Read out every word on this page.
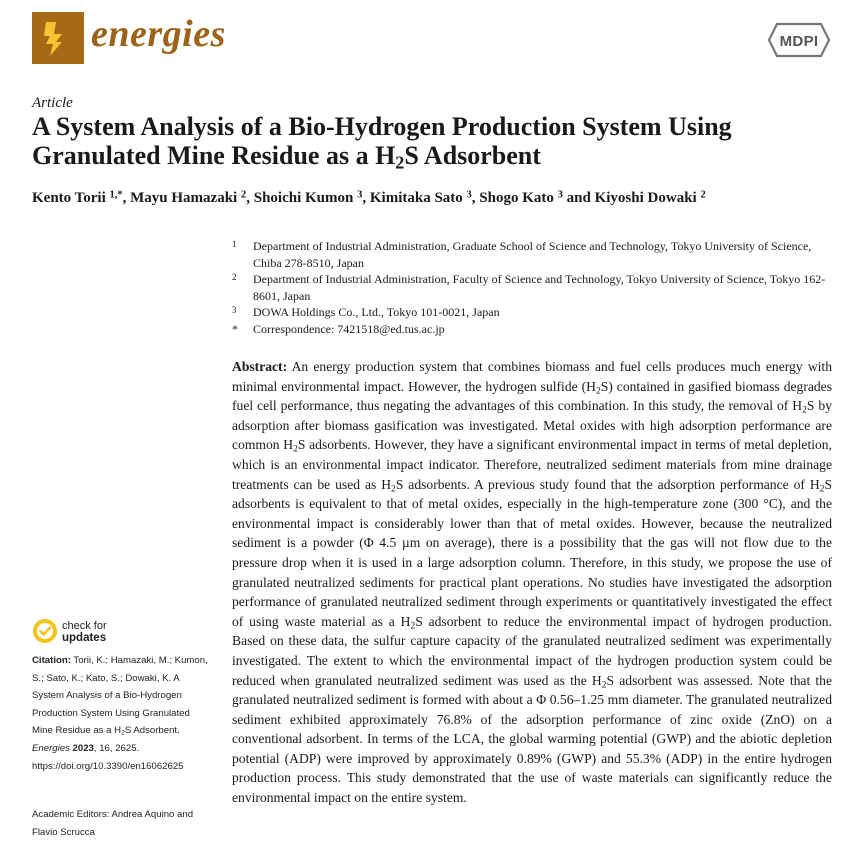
energies	MDPI
Article
A System Analysis of a Bio-Hydrogen Production System Using Granulated Mine Residue as a $H_2S$ Adsorbent
Kento Torii $^{1,*}$, Mayu Hamazaki $^2$, Shoichi Kumon $^3$, Kimitaka Sato $^3$, Shogo Kato $^3$ and Kiyoshi Dowaki $^2$
1 Department of Industrial Administration, Graduate School of Science and Technology, Tokyo University of Science, Chiba 278-8510, Japan
2 Department of Industrial Administration, Faculty of Science and Technology, Tokyo University of Science, Tokyo 162-8601, Japan
3 DOWA Holdings Co., Ltd., Tokyo 101-0021, Japan
* Correspondence: 7421518@ed.tus.ac.jp
Abstract: An energy production system that combines biomass and fuel cells produces much energy with minimal environmental impact. However, the hydrogen sulfide $(H_2S)$ contained in gasified biomass degrades fuel cell performance, thus negating the advantages of this combination. In this study, the removal of $H_2S$ by adsorption after biomass gasification was investigated. Metal oxides with high adsorption performance are common $H_2S$ adsorbents. However, they have a significant environmental impact in terms of metal depletion, which is an environmental impact indicator. Therefore, neutralized sediment materials from mine drainage treatments can be used as $H_2S$ adsorbents. A previous study found that the adsorption performance of $H_2S$ adsorbents is equivalent to that of metal oxides, especially in the high-temperature zone (300 °C), and the environmental impact is considerably lower than that of metal oxides. However, because the neutralized sediment is a powder (Φ 4.5 µm on average), there is a possibility that the gas will not flow due to the pressure drop when it is used in a large adsorption column. Therefore, in this study, we propose the use of granulated neutralized sediments for practical plant operations. No studies have investigated the adsorption performance of granulated neutralized sediment through experiments or quantitatively investigated the effect of using waste material as a $H_2S$ adsorbent to reduce the environmental impact of hydrogen production. Based on these data, the sulfur capture capacity of the granulated neutralized sediment was experimentally investigated. The extent to which the environmental impact of the hydrogen production system could be reduced when granulated neutralized sediment was used as the $H_2S$ adsorbent was assessed. Note that the granulated neutralized sediment is formed with about a Φ 0.56–1.25 mm diameter. The granulated neutralized sediment exhibited approximately 76.8% of the adsorption performance of zinc oxide (ZnO) on a conventional adsorbent. In terms of the LCA, the global warming potential (GWP) and the abiotic depletion potential (ADP) were improved by approximately 0.89% (GWP) and 55.3% (ADP) in the entire hydrogen production process. This study demonstrated that the use of waste materials can significantly reduce the environmental impact on the entire system.
check for
updates
Citation: Torii, K.; Hamazaki, M.; Kumon, S.; Sato, K.; Kato, S.; Dowaki, K. A System Analysis of a Bio-Hydrogen Production System Using Granulated Mine Residue as a $H_2S$ Adsorbent. Energies 2023, 16, 2625. https://doi.org/10.3390/en16062625
Academic Editors: Andrea Aquino and Flavio Scrucca
